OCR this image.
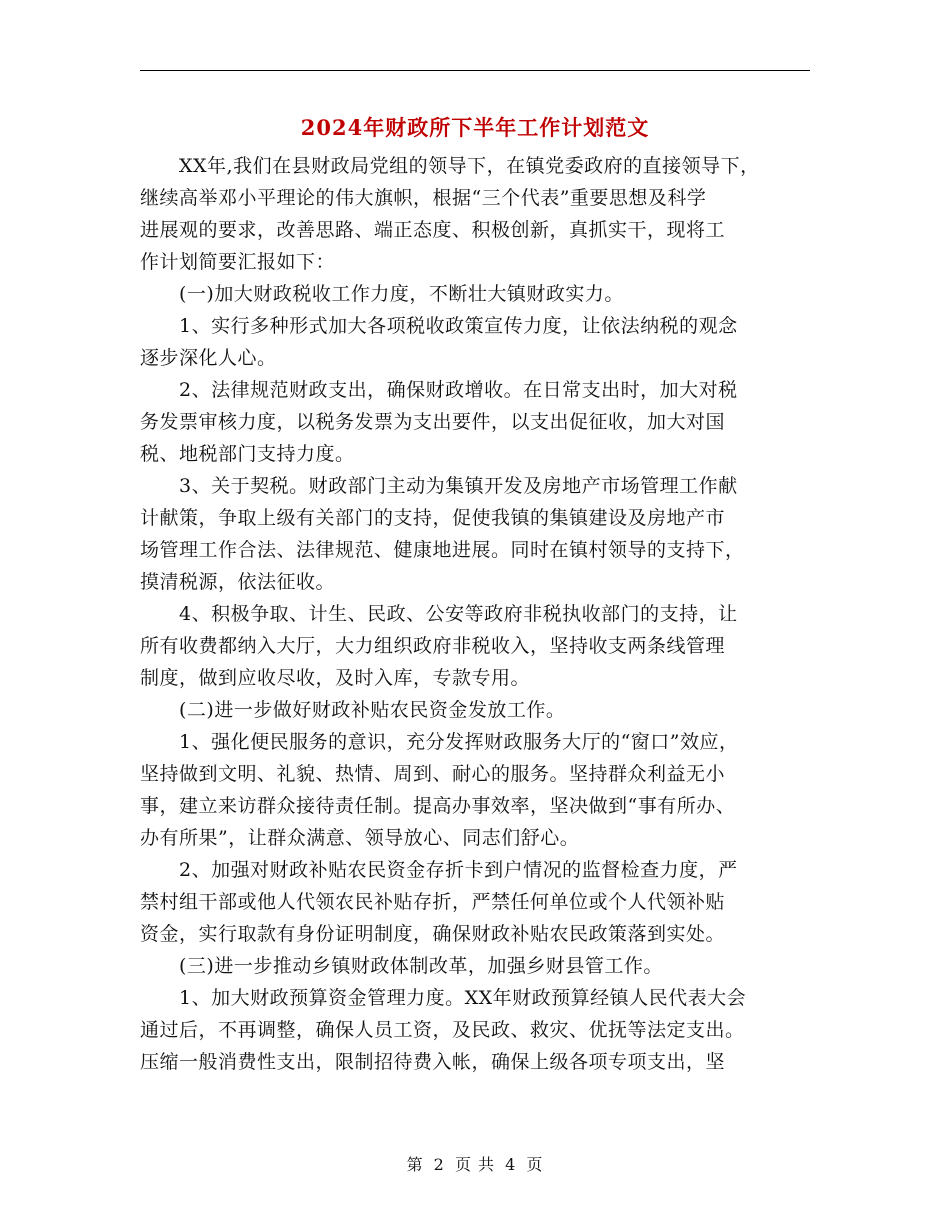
2024年财政所下半年工作计划范文
　　XX年,我们在县财政局党组的领导下，在镇党委政府的直接领导下，
继续高举邓小平理论的伟大旗帜，根据“三个代表”重要思想及科学
进展观的要求，改善思路、端正态度、积极创新，真抓实干，现将工
作计划简要汇报如下：
　　(一)加大财政税收工作力度，不断壮大镇财政实力。
　　1、实行多种形式加大各项税收政策宣传力度，让依法纳税的观念
逐步深化人心。
　　2、法律规范财政支出，确保财政增收。在日常支出时，加大对税
务发票审核力度，以税务发票为支出要件，以支出促征收，加大对国
税、地税部门支持力度。
　　3、关于契税。财政部门主动为集镇开发及房地产市场管理工作献
计献策，争取上级有关部门的支持，促使我镇的集镇建设及房地产市
场管理工作合法、法律规范、健康地进展。同时在镇村领导的支持下，
摸清税源，依法征收。
　　4、积极争取、计生、民政、公安等政府非税执收部门的支持，让
所有收费都纳入大厅，大力组织政府非税收入，坚持收支两条线管理
制度，做到应收尽收，及时入库，专款专用。
　　(二)进一步做好财政补贴农民资金发放工作。
　　1、强化便民服务的意识，充分发挥财政服务大厅的“窗口”效应，
坚持做到文明、礼貌、热情、周到、耐心的服务。坚持群众利益无小
事，建立来访群众接待责任制。提高办事效率，坚决做到“事有所办、
办有所果”，让群众满意、领导放心、同志们舒心。
　　2、加强对财政补贴农民资金存折卡到户情况的监督检查力度，严
禁村组干部或他人代领农民补贴存折，严禁任何单位或个人代领补贴
资金，实行取款有身份证明制度，确保财政补贴农民政策落到实处。
　　(三)进一步推动乡镇财政体制改革，加强乡财县管工作。
　　1、加大财政预算资金管理力度。XX年财政预算经镇人民代表大会
通过后，不再调整，确保人员工资，及民政、救灾、优抚等法定支出。
压缩一般消费性支出，限制招待费入帐，确保上级各项专项支出，坚
第 2 页 共 4 页
